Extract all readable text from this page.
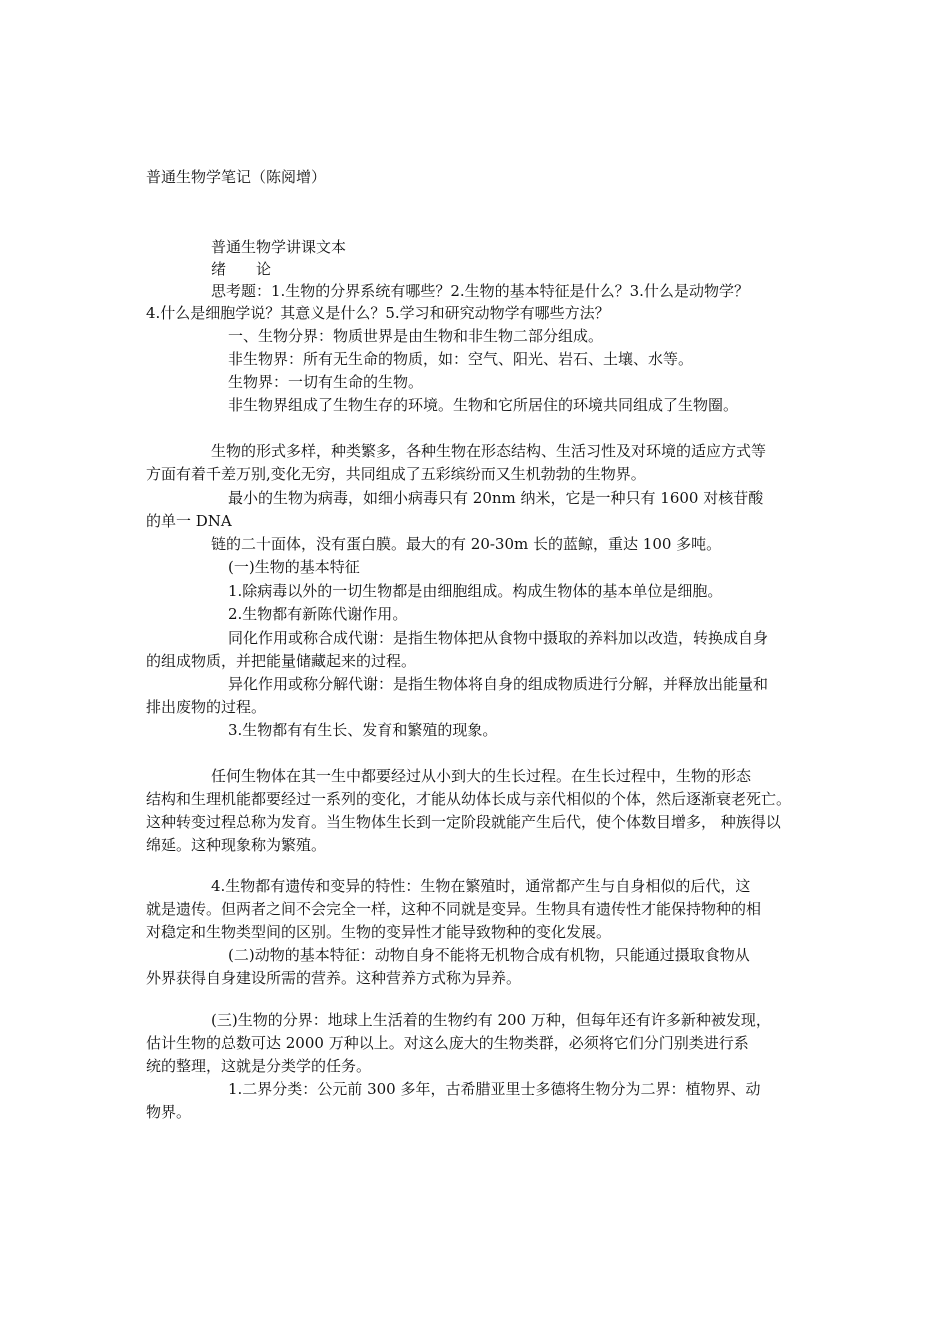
普通生物学笔记（陈阅增）
普通生物学讲课文本
绪　　论
思考题：1.生物的分界系统有哪些？2.生物的基本特征是什么？3.什么是动物学？
4.什么是细胞学说？其意义是什么？5.学习和研究动物学有哪些方法？
一、生物分界：物质世界是由生物和非生物二部分组成。
非生物界：所有无生命的物质，如：空气、阳光、岩石、土壤、水等。
生物界：一切有生命的生物。
非生物界组成了生物生存的环境。生物和它所居住的环境共同组成了生物圈。
生物的形式多样，种类繁多，各种生物在形态结构、生活习性及对环境的适应方式等
方面有着千差万别,变化无穷，共同组成了五彩缤纷而又生机勃勃的生物界。
最小的生物为病毒，如细小病毒只有 20nm 纳米，它是一种只有 1600 对核苷酸
的单一 DNA
链的二十面体，没有蛋白膜。最大的有 20-30m 长的蓝鲸，重达 100 多吨。
(一)生物的基本特征
1.除病毒以外的一切生物都是由细胞组成。构成生物体的基本单位是细胞。
2.生物都有新陈代谢作用。
同化作用或称合成代谢：是指生物体把从食物中摄取的养料加以改造，转换成自身
的组成物质，并把能量储藏起来的过程。
异化作用或称分解代谢：是指生物体将自身的组成物质进行分解，并释放出能量和
排出废物的过程。
3.生物都有有生长、发育和繁殖的现象。
任何生物体在其一生中都要经过从小到大的生长过程。在生长过程中，生物的形态
结构和生理机能都要经过一系列的变化，才能从幼体长成与亲代相似的个体，然后逐渐衰老死亡。
这种转变过程总称为发育。当生物体生长到一定阶段就能产生后代，使个体数目增多， 种族得以
绵延。这种现象称为繁殖。
4.生物都有遗传和变异的特性：生物在繁殖时，通常都产生与自身相似的后代，这
就是遗传。但两者之间不会完全一样，这种不同就是变异。生物具有遗传性才能保持物种的相
对稳定和生物类型间的区别。生物的变异性才能导致物种的变化发展。
(二)动物的基本特征：动物自身不能将无机物合成有机物，只能通过摄取食物从
外界获得自身建设所需的营养。这种营养方式称为异养。
(三)生物的分界：地球上生活着的生物约有 200 万种，但每年还有许多新种被发现，
估计生物的总数可达 2000 万种以上。对这么庞大的生物类群，必须将它们分门别类进行系
统的整理，这就是分类学的任务。
1.二界分类：公元前 300 多年，古希腊亚里士多德将生物分为二界：植物界、动
物界。
